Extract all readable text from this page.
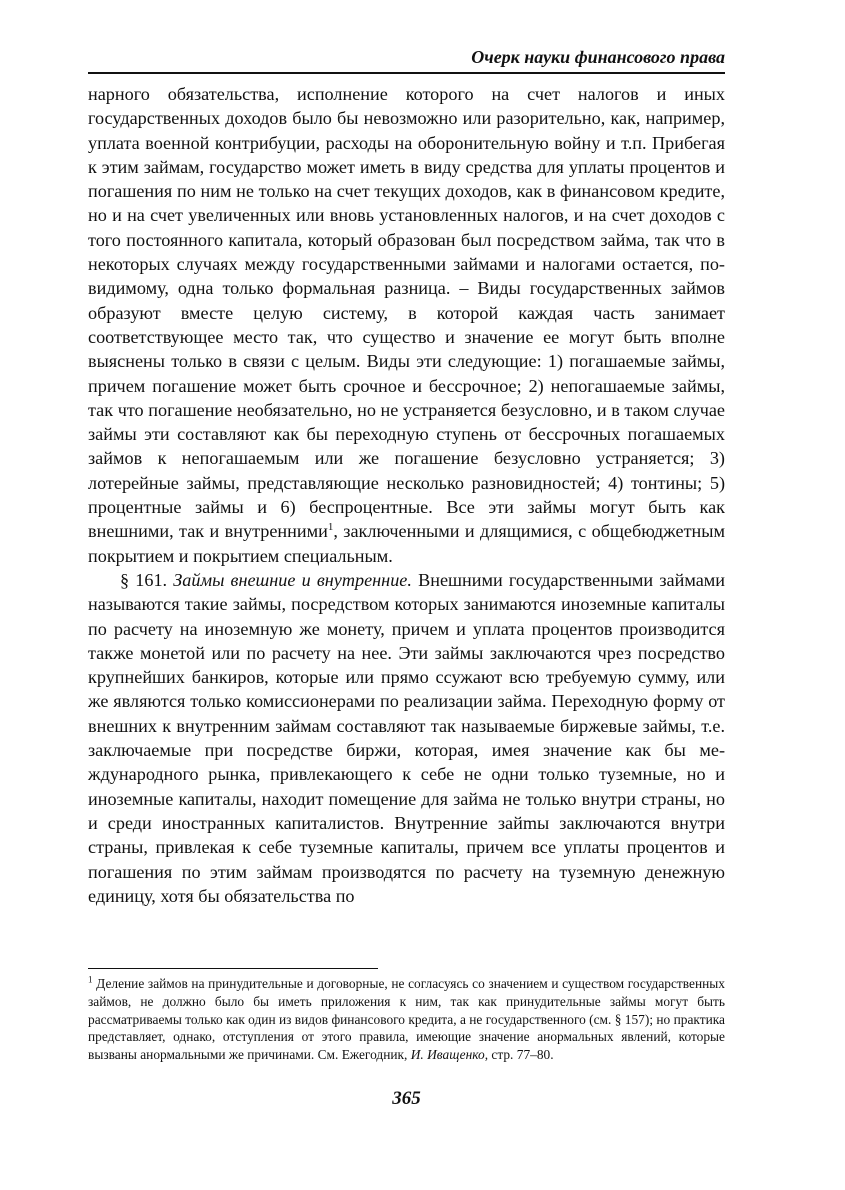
Очерк науки финансового права

нарного обязательства, исполнение которого на счет налогов и иных государственных доходов было бы невозможно или разорительно, как, например, уплата военной контрибуции, расходы на оборонительную войну и т.п. Прибегая к этим займам, государство может иметь в виду средства для уплаты процентов и погашения по ним не только на счет текущих доходов, как в финансовом кредите, но и на счет увеличенных или вновь установленных налогов, и на счет доходов с того постоянного капитала, который образован был посредством займа, так что в некоторых случаях между государственными займами и налогами остается, по-видимому, одна только формальная разница. – Виды государственных займов образуют вместе целую систему, в которой каждая часть занимает соответствующее место так, что существо и значение ее могут быть вполне выяснены только в связи с целым. Виды эти следующие: 1) погашаемые займы, причем погашение может быть срочное и бессрочное; 2) непогашаемые займы, так что погашение необязательно, но не устраняется безусловно, и в таком случае займы эти составляют как бы переходную ступень от бессрочных погашаемых займов к непогашаемым или же погашение безусловно устраняется; 3) лотерейные займы, представляющие несколько разновидностей; 4) тонтины; 5) процентные займы и 6) беспроцентные. Все эти займы могут быть как внешними, так и внутренними$^1$, заключенными и длящимися, с общебюджетным покрытием и покрытием специальным.

§ 161. Займы внешние и внутренние. Внешними государственными займами называются такие займы, посредством которых занимаются иноземные капиталы по расчету на иноземную же монету, причем и уплата процентов производится также монетой или по расчету на нее. Эти займы заключаются чрез посредство крупнейших банкиров, которые или прямо ссужают всю требуемую сумму, или же являются только комиссионерами по реализации займа. Переходную форму от внешних к внутренним займам составляют так называемые биржевые займы, т.е. заключаемые при посредстве биржи, которая, имея значение как бы международного рынка, привлекающего к себе не одни только туземные, но и иноземные капиталы, находит помещение для займа не только внутри страны, но и среди иностранных капиталистов. Внутренние зайmы заключаются внутри страны, привлекая к себе туземные капиталы, причем все уплаты процентов и погашения по этим займам производятся по расчету на туземную денежную единицу, хотя бы обязательства по

$^1$ Деление займов на принудительные и договорные, не согласуясь со значением и существом государственных займов, не должно было бы иметь приложения к ним, так как принудительные займы могут быть рассматриваемы только как один из видов финансового кредита, а не государственного (см. § 157); но практика представляет, однако, отступления от этого правила, имеющие значение анормальных явлений, которые вызваны анормальными же причинами. См. Ежегодник, И. Иващенко, стр. 77–80.
365
